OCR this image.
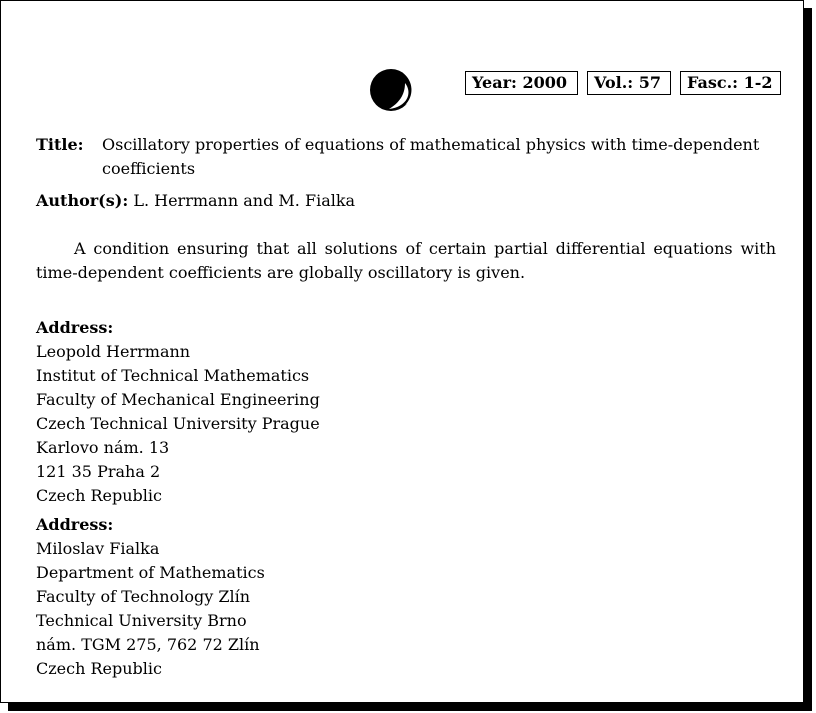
Year: 2000	Vol.: 57	Fasc.: 1-2
Title: Oscillatory properties of equations of mathematical physics with time-dependent coefficients
Author(s): L. Herrmann and M. Fialka
A condition ensuring that all solutions of certain partial differential equations with time-dependent coefficients are globally oscillatory is given.
Address:
Leopold Herrmann
Institut of Technical Mathematics
Faculty of Mechanical Engineering
Czech Technical University Prague
Karlovo nám. 13
121 35 Praha 2
Czech Republic
Address:
Miloslav Fialka
Department of Mathematics
Faculty of Technology Zlín
Technical University Brno
nám. TGM 275, 762 72 Zlín
Czech Republic
